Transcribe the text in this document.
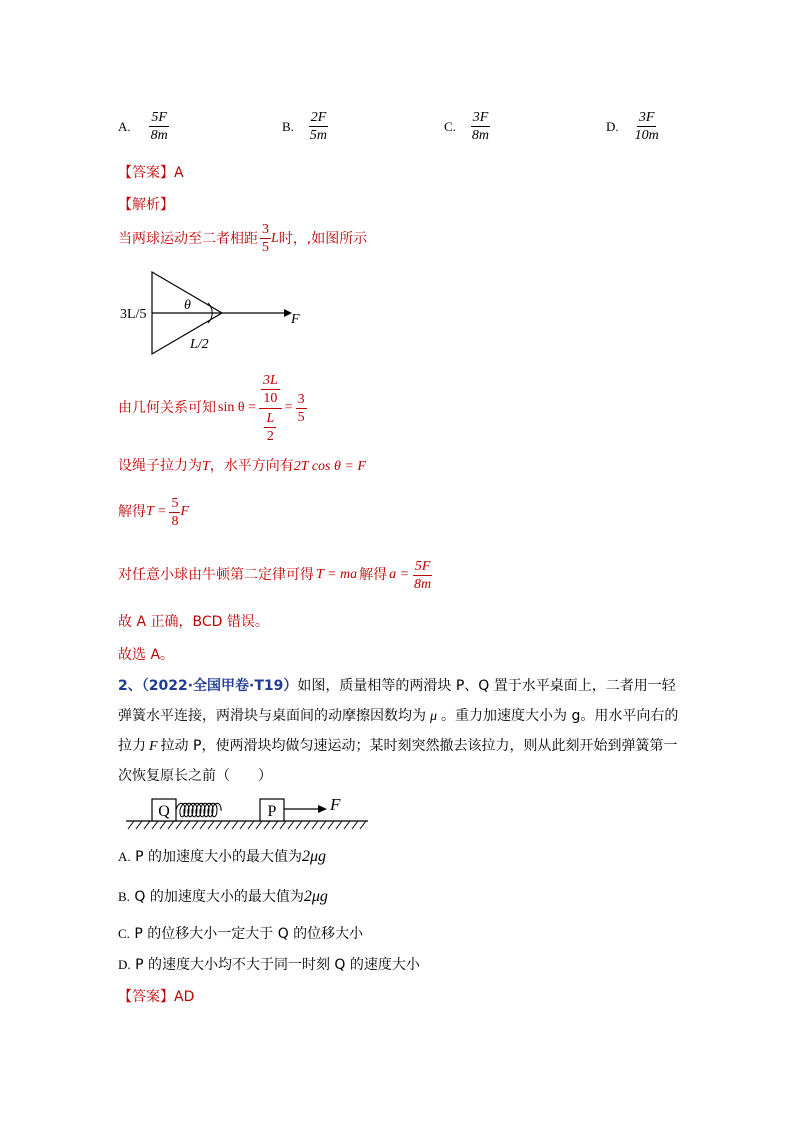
A. $\frac{5F}{8m}$	B. $\frac{2F}{5m}$	C. $\frac{3F}{8m}$	D. $\frac{3F}{10m}$
【答案】A
【解析】
当两球运动至二者相距 $\frac{3}{5}$ L 时，,如图所示
3L/5
θ
L/2
F
由几何关系可知 $\sin \theta = \frac{\frac{3L}{10}}{\frac{L}{2}} = \frac{3}{5}$
设绳子拉力为T，水平方向有2T cos θ = F
解得 $T = \frac{5}{8}$ F
对任意小球由牛顿第二定律可得 T = ma 解得 $a = \frac{5F}{8m}$
故 A 正确，BCD 错误。
故选 A。
2、（2022·全国甲卷·T19）如图，质量相等的两滑块 P、Q 置于水平桌面上，二者用一轻
弹簧水平连接，两滑块与桌面间的动摩擦因数均为 μ 。重力加速度大小为 g。用水平向右的
拉力 F 拉动 P，使两滑块均做匀速运动；某时刻突然撤去该拉力，则从此刻开始到弹簧第一
次恢复原长之前（　　）
Q	P	F
A. P 的加速度大小的最大值为2μg
B. Q 的加速度大小的最大值为2μg
C. P 的位移大小一定大于 Q 的位移大小
D. P 的速度大小均不大于同一时刻 Q 的速度大小
【答案】AD
